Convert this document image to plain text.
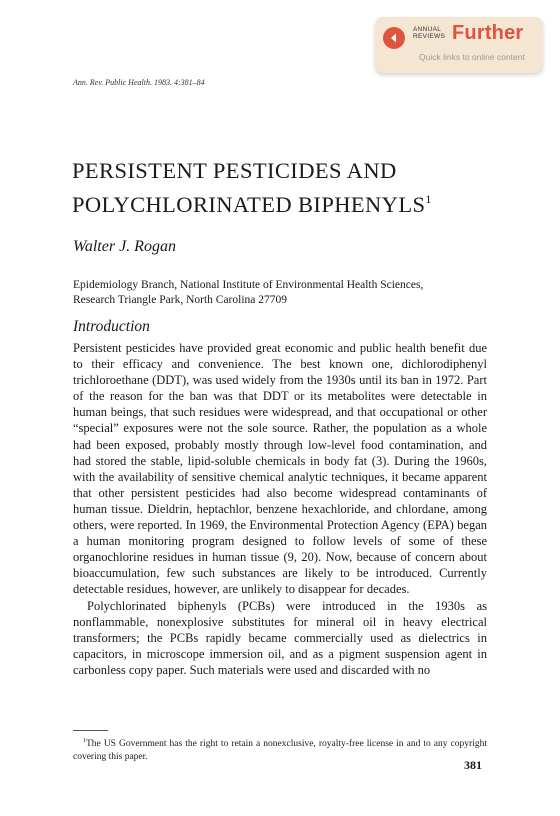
ANNUAL
REVIEWS Further
Quick links to online content
Ann. Rev. Public Health. 1983. 4:381–84
PERSISTENT PESTICIDES AND
POLYCHLORINATED BIPHENYLS$^1$
Walter J. Rogan
Epidemiology Branch, National Institute of Environmental Health Sciences,
Research Triangle Park, North Carolina 27709
Introduction

Persistent pesticides have provided great economic and public health benefit due to their efficacy and convenience. The best known one, dichlorodiphenyl trichloroethane (DDT), was used widely from the 1930s until its ban in 1972. Part of the reason for the ban was that DDT or its metabolites were detectable in human beings, that such residues were widespread, and that occupational or other “special” exposures were not the sole source. Rather, the population as a whole had been exposed, probably mostly through low-level food contamination, and had stored the stable, lipid-soluble chemicals in body fat (3). During the 1960s, with the availability of sensitive chemical analytic techniques, it became apparent that other persistent pesticides had also become widespread contaminants of human tissue. Dieldrin, heptachlor, benzene hexachloride, and chlordane, among others, were reported. In 1969, the Environmental Protection Agency (EPA) began a human monitoring program designed to follow levels of some of these organochlorine residues in human tissue (9, 20). Now, because of concern about bioaccumulation, few such substances are likely to be introduced. Currently detectable residues, however, are unlikely to disappear for decades.

Polychlorinated biphenyls (PCBs) were introduced in the 1930s as nonflammable, nonexplosive substitutes for mineral oil in heavy electrical transformers; the PCBs rapidly became commercially used as dielectrics in capacitors, in microscope immersion oil, and as a pigment suspension agent in carbonless copy paper. Such materials were used and discarded with no

$^1$The US Government has the right to retain a nonexclusive, royalty-free license in and to any copyright covering this paper.

381
